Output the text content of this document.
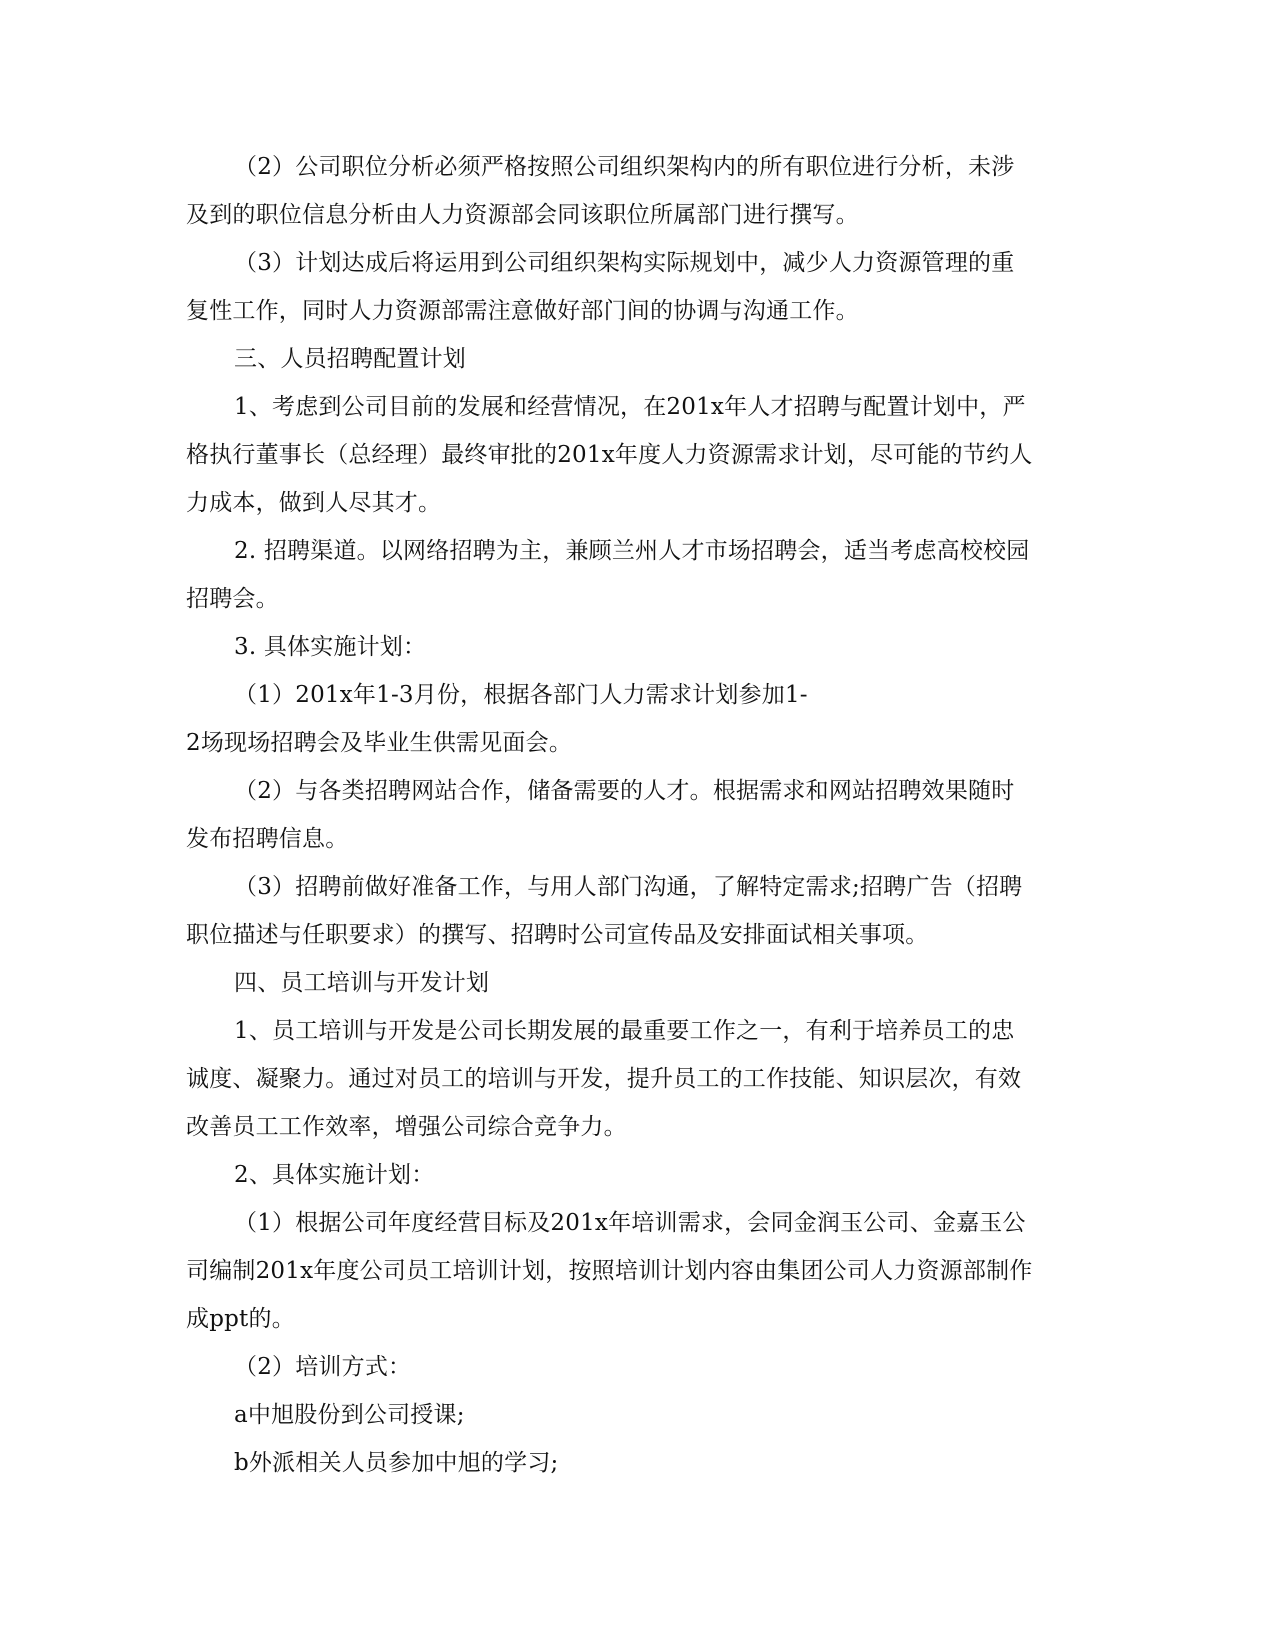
（2）公司职位分析必须严格按照公司组织架构内的所有职位进行分析，未涉
及到的职位信息分析由人力资源部会同该职位所属部门进行撰写。
（3）计划达成后将运用到公司组织架构实际规划中，减少人力资源管理的重
复性工作，同时人力资源部需注意做好部门间的协调与沟通工作。
三、人员招聘配置计划
1、考虑到公司目前的发展和经营情况，在201x年人才招聘与配置计划中，严
格执行董事长（总经理）最终审批的201x年度人力资源需求计划，尽可能的节约人
力成本，做到人尽其才。
2. 招聘渠道。以网络招聘为主，兼顾兰州人才市场招聘会，适当考虑高校校园
招聘会。
3. 具体实施计划：
（1）201x年1-3月份，根据各部门人力需求计划参加1-
2场现场招聘会及毕业生供需见面会。
（2）与各类招聘网站合作，储备需要的人才。根据需求和网站招聘效果随时
发布招聘信息。
（3）招聘前做好准备工作，与用人部门沟通，了解特定需求;招聘广告（招聘
职位描述与任职要求）的撰写、招聘时公司宣传品及安排面试相关事项。
四、员工培训与开发计划
1、员工培训与开发是公司长期发展的最重要工作之一，有利于培养员工的忠
诚度、凝聚力。通过对员工的培训与开发，提升员工的工作技能、知识层次，有效
改善员工工作效率，增强公司综合竞争力。
2、具体实施计划：
（1）根据公司年度经营目标及201x年培训需求，会同金润玉公司、金嘉玉公
司编制201x年度公司员工培训计划，按照培训计划内容由集团公司人力资源部制作
成ppt的。
（2）培训方式：
a中旭股份到公司授课;
b外派相关人员参加中旭的学习;
